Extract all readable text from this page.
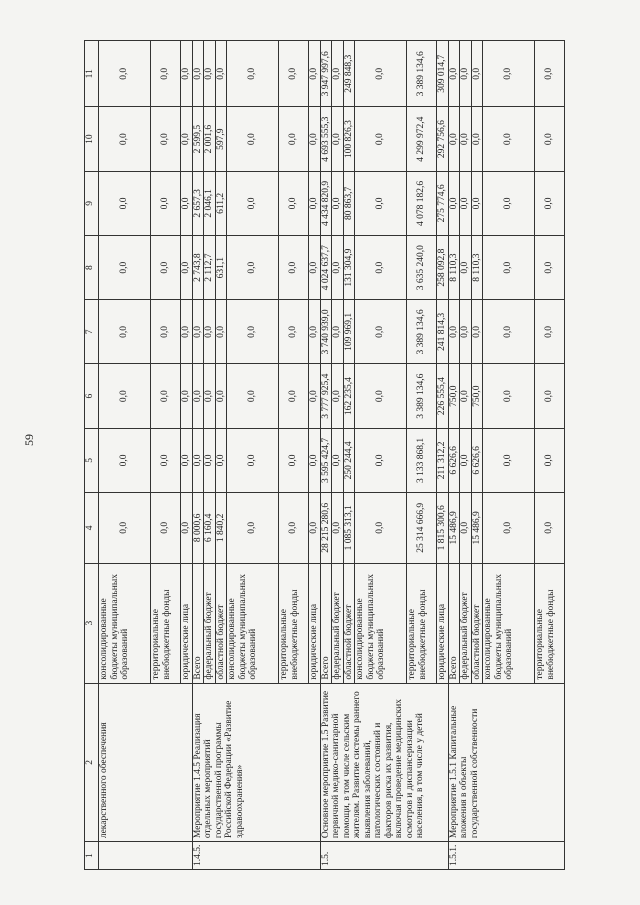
59
1	2	3	4	5	6	7	8	9	10	11
	лекарственного обеспечения	консолидированные бюджеты муниципальных образований	0,0	0,0	0,0	0,0	0,0	0,0	0,0	0,0
		территориальные внебюджетные фонды	0,0	0,0	0,0	0,0	0,0	0,0	0,0	0,0
		юридические лица	0,0	0,0	0,0	0,0	0,0	0,0	0,0	0,0
1.4.5.	Мероприятие 1.4.5 Реализация отдельных мероприятий государственной программы Российской Федерации «Развитие здравоохранения»	Всего	8 000,6	0,0	0,0	0,0	2 743,8	2 657,3	2 599,5	0,0
		федеральный бюджет	6 160,4	0,0	0,0	0,0	2 112,7	2 046,1	2 001,6	0,0
		областной бюджет	1 840,2	0,0	0,0	0,0	631,1	611,2	597,9	0,0
		консолидированные бюджеты муниципальных образований	0,0	0,0	0,0	0,0	0,0	0,0	0,0	0,0
		территориальные внебюджетные фонды	0,0	0,0	0,0	0,0	0,0	0,0	0,0	0,0
		юридические лица	0,0	0,0	0,0	0,0	0,0	0,0	0,0	0,0
1.5.	Основное мероприятие 1.5 Развитие первичной медико-санитарной помощи, в том числе сельским жителям. Развитие системы раннего выявления заболеваний, патологических состояний и факторов риска их развития, включая проведение медицинских осмотров и диспансеризации населения, в том числе у детей	Всего	28 215 280,6	3 595 424,7	3 777 925,4	3 740 939,0	4 024 637,7	4 434 820,9	4 693 555,3	3 947 997,6
		федеральный бюджет	0,0	0,0	0,0	0,0	0,0	0,0	0,0	0,0
		областной бюджет	1 085 313,1	250 244,4	162 235,4	109 969,1	131 304,9	80 863,7	100 826,3	249 848,3
		консолидированные бюджеты муниципальных образований	0,0	0,0	0,0	0,0	0,0	0,0	0,0	0,0
		территориальные внебюджетные фонды	25 314 666,9	3 133 868,1	3 389 134,6	3 389 134,6	3 635 240,0	4 078 182,6	4 299 972,4	3 389 134,6
		юридические лица	1 815 300,6	211 312,2	226 555,4	241 814,3	258 092,8	275 774,6	292 756,6	309 014,7
1.5.1.	Мероприятие 1.5.1 Капитальные вложения в объекты государственной собственности	Всего	15 486,9	6 626,6	750,0	0,0	8 110,3	0,0	0,0	0,0
		федеральный бюджет	0,0	0,0	0,0	0,0	0,0	0,0	0,0	0,0
		областной бюджет	15 486,9	6 626,6	750,0	0,0	8 110,3	0,0	0,0	0,0
		консолидированные бюджеты муниципальных образований	0,0	0,0	0,0	0,0	0,0	0,0	0,0	0,0
		территориальные внебюджетные фонды	0,0	0,0	0,0	0,0	0,0	0,0	0,0	0,0
